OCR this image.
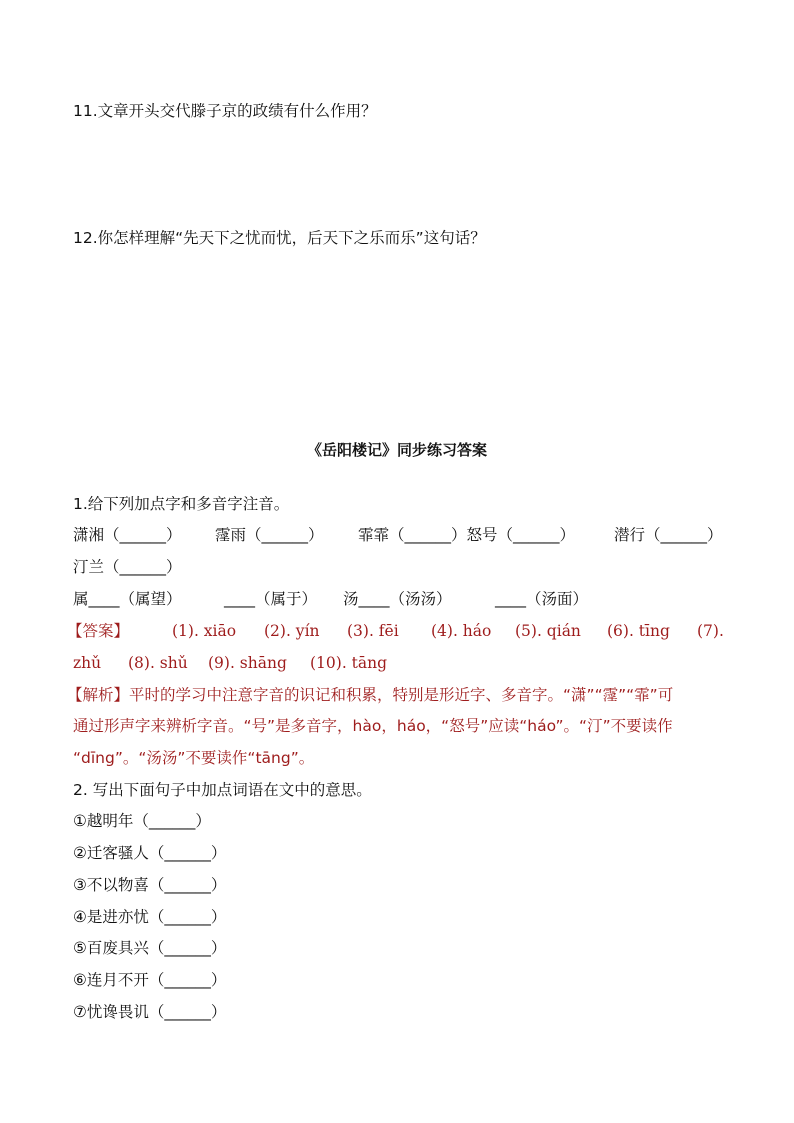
11.文章开头交代滕子京的政绩有什么作用？
12.你怎样理解“先天下之忧而忧，后天下之乐而乐”这句话？
《岳阳楼记》同步练习答案
1.给下列加点字和多音字注音。
潇湘（______） 霪雨（______） 霏霏（______）怒号（______）	潜行（______）
汀兰（______）
属____（属望）	____（属于） 汤____（汤汤）	____（汤面）
【答案】	(1). xiāo (2). yín (3). fēi (4). háo (5). qián (6). tīng (7).
zhǔ (8). shǔ (9). shāng (10). tāng
【解析】平时的学习中注意字音的识记和积累，特别是形近字、多音字。“潇”“霪”“霏”可
通过形声字来辨析字音。“号”是多音字，hào，háo，“怒号”应读“háo”。“汀”不要读作
“dīng”。“汤汤”不要读作“tāng”。
2. 写出下面句子中加点词语在文中的意思。
①越明年（______）
②迁客骚人（______）
③不以物喜（______）
④是进亦忧（______）
⑤百废具兴（______）
⑥连月不开（______）
⑦忧谗畏讥（______）
